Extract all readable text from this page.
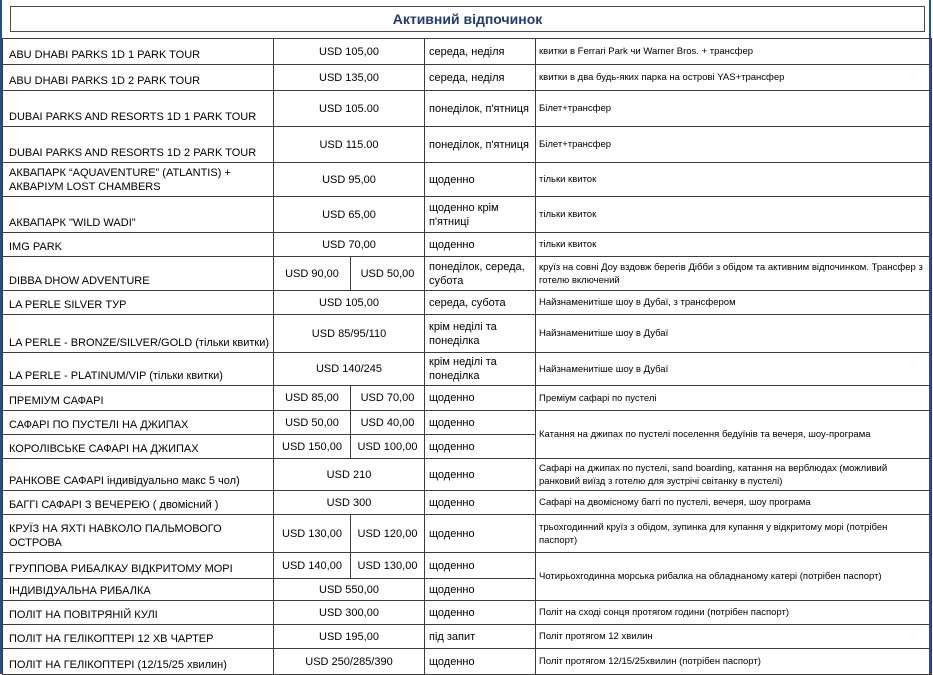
Активний відпочинок
ABU DHABI PARKS 1D 1 PARK TOUR	USD 105,00		середа, неділя	квитки в Ferrari Park чи Warner Bros. + трансфер
ABU DHABI PARKS 1D 2 PARK TOUR	USD 135,00		середа, неділя	квитки в два будь-яких парка на острові YAS+трансфер
DUBAI PARKS AND RESORTS 1D 1 PARK TOUR	USD 105.00		понеділок, п'ятниця	Білет+трансфер
DUBAI PARKS AND RESORTS 1D 2 PARK TOUR	USD 115.00		понеділок, п'ятниця	Білет+трансфер
АКВАПАРК “AQUAVENTURE” (ATLANTIS) + АКВАРІУМ LOST CHAMBERS	USD 95,00		щоденно	тільки квиток
АКВАПАРК "WILD WADI"	USD 65,00		щоденно крім п'ятниці	тільки квиток
IMG PARK	USD 70,00		щоденно	тільки квиток
DIBBA DHOW ADVENTURE	USD 90,00	USD 50,00	понеділок, середа, субота	круїз на совні Доу вздовж берегів Дібби з обідом та активним відпочинком. Трансфер з готелю включений
LA PERLE SILVER ТУР	USD 105,00		середа, субота	Найзнаменитіше шоу в Дубаї, з трансфером
LA PERLE - BRONZE/SILVER/GOLD (тільки квитки)	USD 85/95/110		крім неділі та понеділка	Найзнаменитіше шоу в Дубаї
LA PERLE - PLATINUM/VIP (тільки квитки)	USD 140/245		крім неділі та понеділка	Найзнаменитіше шоу в Дубаї
ПРЕМІУМ САФАРІ	USD 85,00	USD 70,00	щоденно	Преміум сафарі по пустелі
САФАРІ ПО ПУСТЕЛІ НА ДЖИПАХ	USD 50,00	USD 40,00	щоденно	Катання на джипах по пустелі поселення бедуїнів та вечеря, шоу-програма
КОРОЛІВСЬКЕ САФАРІ НА ДЖИПАХ	USD 150,00	USD 100,00	щоденно	
РАНКОВЕ САФАРІ індивідуально макс 5 чол)	USD 210		щоденно	Сафарі на джипах по пустелі, sand boarding, катання на верблюдах (можливий ранковий виїзд з готелю для зустрічі світанку в пустелі)
БАГГІ САФАРІ З ВЕЧЕРЕЮ ( двомісний )	USD 300		щоденно	Сафарі на двомісному баггі по пустелі, вечеря, шоу програма
КРУЇЗ НА ЯХТІ НАВКОЛО ПАЛЬМОВОГО ОСТРОВА	USD 130,00	USD 120,00	щоденно	трьохгодинний круїз з обідом, зупинка для купання у відкритому морі (потрібен паспорт)
ГРУППОВА РИБАЛКАУ ВІДКРИТОМУ МОРІ	USD 140,00	USD 130,00	щоденно	Чотирьохгодинна морська рибалка на обладнаному катері (потрібен паспорт)
ІНДИВІДУАЛЬНА РИБАЛКА	USD 550,00		щоденно	
ПОЛІТ НА ПОВІТРЯНІЙ КУЛІ	USD 300,00		щоденно	Політ на сході сонця протягом години (потрібен паспорт)
ПОЛІТ НА ГЕЛІКОПТЕРІ 12 ХВ ЧАРТЕР	USD 195,00		під запит	Політ протягом 12 хвилин
ПОЛІТ НА ГЕЛІКОПТЕРІ (12/15/25 хвилин)	USD 250/285/390		щоденно	Політ протягом 12/15/25хвилин (потрібен паспорт)
